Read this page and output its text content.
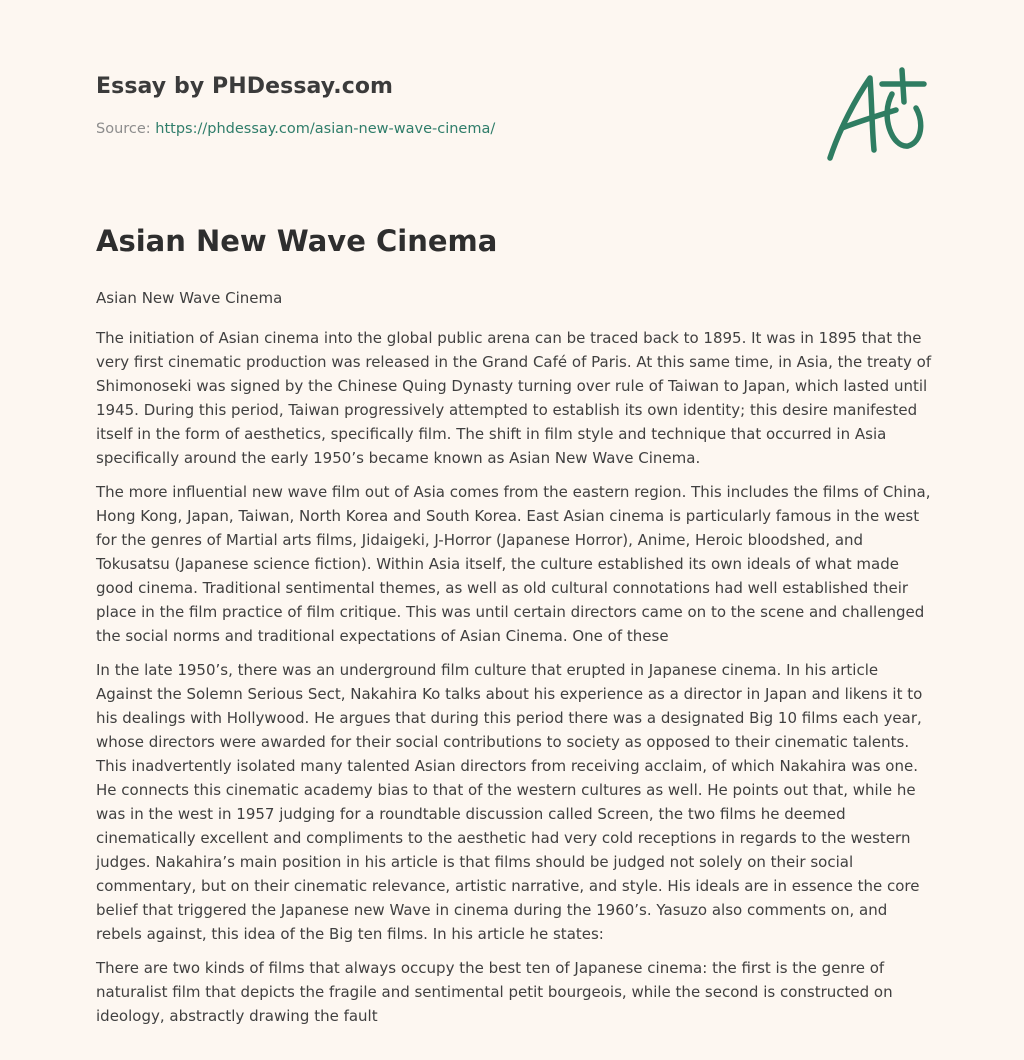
Essay by PHDessay.com
Source: https://phdessay.com/asian-new-wave-cinema/
Asian New Wave Cinema

Asian New Wave Cinema

The initiation of Asian cinema into the global public arena can be traced back to 1895. It was in 1895 that the very first cinematic production was released in the Grand Café of Paris. At this same time, in Asia, the treaty of Shimonoseki was signed by the Chinese Quing Dynasty turning over rule of Taiwan to Japan, which lasted until 1945. During this period, Taiwan progressively attempted to establish its own identity; this desire manifested itself in the form of aesthetics, specifically film. The shift in film style and technique that occurred in Asia specifically around the early 1950’s became known as Asian New Wave Cinema.

The more influential new wave film out of Asia comes from the eastern region. This includes the films of China, Hong Kong, Japan, Taiwan, North Korea and South Korea. East Asian cinema is particularly famous in the west for the genres of Martial arts films, Jidaigeki, J-Horror (Japanese Horror), Anime, Heroic bloodshed, and Tokusatsu (Japanese science fiction). Within Asia itself, the culture established its own ideals of what made good cinema. Traditional sentimental themes, as well as old cultural connotations had well established their place in the film practice of film critique. This was until certain directors came on to the scene and challenged the social norms and traditional expectations of Asian Cinema. One of these

In the late 1950’s, there was an underground film culture that erupted in Japanese cinema. In his article Against the Solemn Serious Sect, Nakahira Ko talks about his experience as a director in Japan and likens it to his dealings with Hollywood. He argues that during this period there was a designated Big 10 films each year, whose directors were awarded for their social contributions to society as opposed to their cinematic talents. This inadvertently isolated many talented Asian directors from receiving acclaim, of which Nakahira was one. He connects this cinematic academy bias to that of the western cultures as well. He points out that, while he was in the west in 1957 judging for a roundtable discussion called Screen, the two films he deemed cinematically excellent and compliments to the aesthetic had very cold receptions in regards to the western judges. Nakahira’s main position in his article is that films should be judged not solely on their social commentary, but on their cinematic relevance, artistic narrative, and style. His ideals are in essence the core belief that triggered the Japanese new Wave in cinema during the 1960’s. Yasuzo also comments on, and rebels against, this idea of the Big ten films. In his article he states:

There are two kinds of films that always occupy the best ten of Japanese cinema: the first is the genre of naturalist film that depicts the fragile and sentimental petit bourgeois, while the second is constructed on ideology, abstractly drawing the fault
